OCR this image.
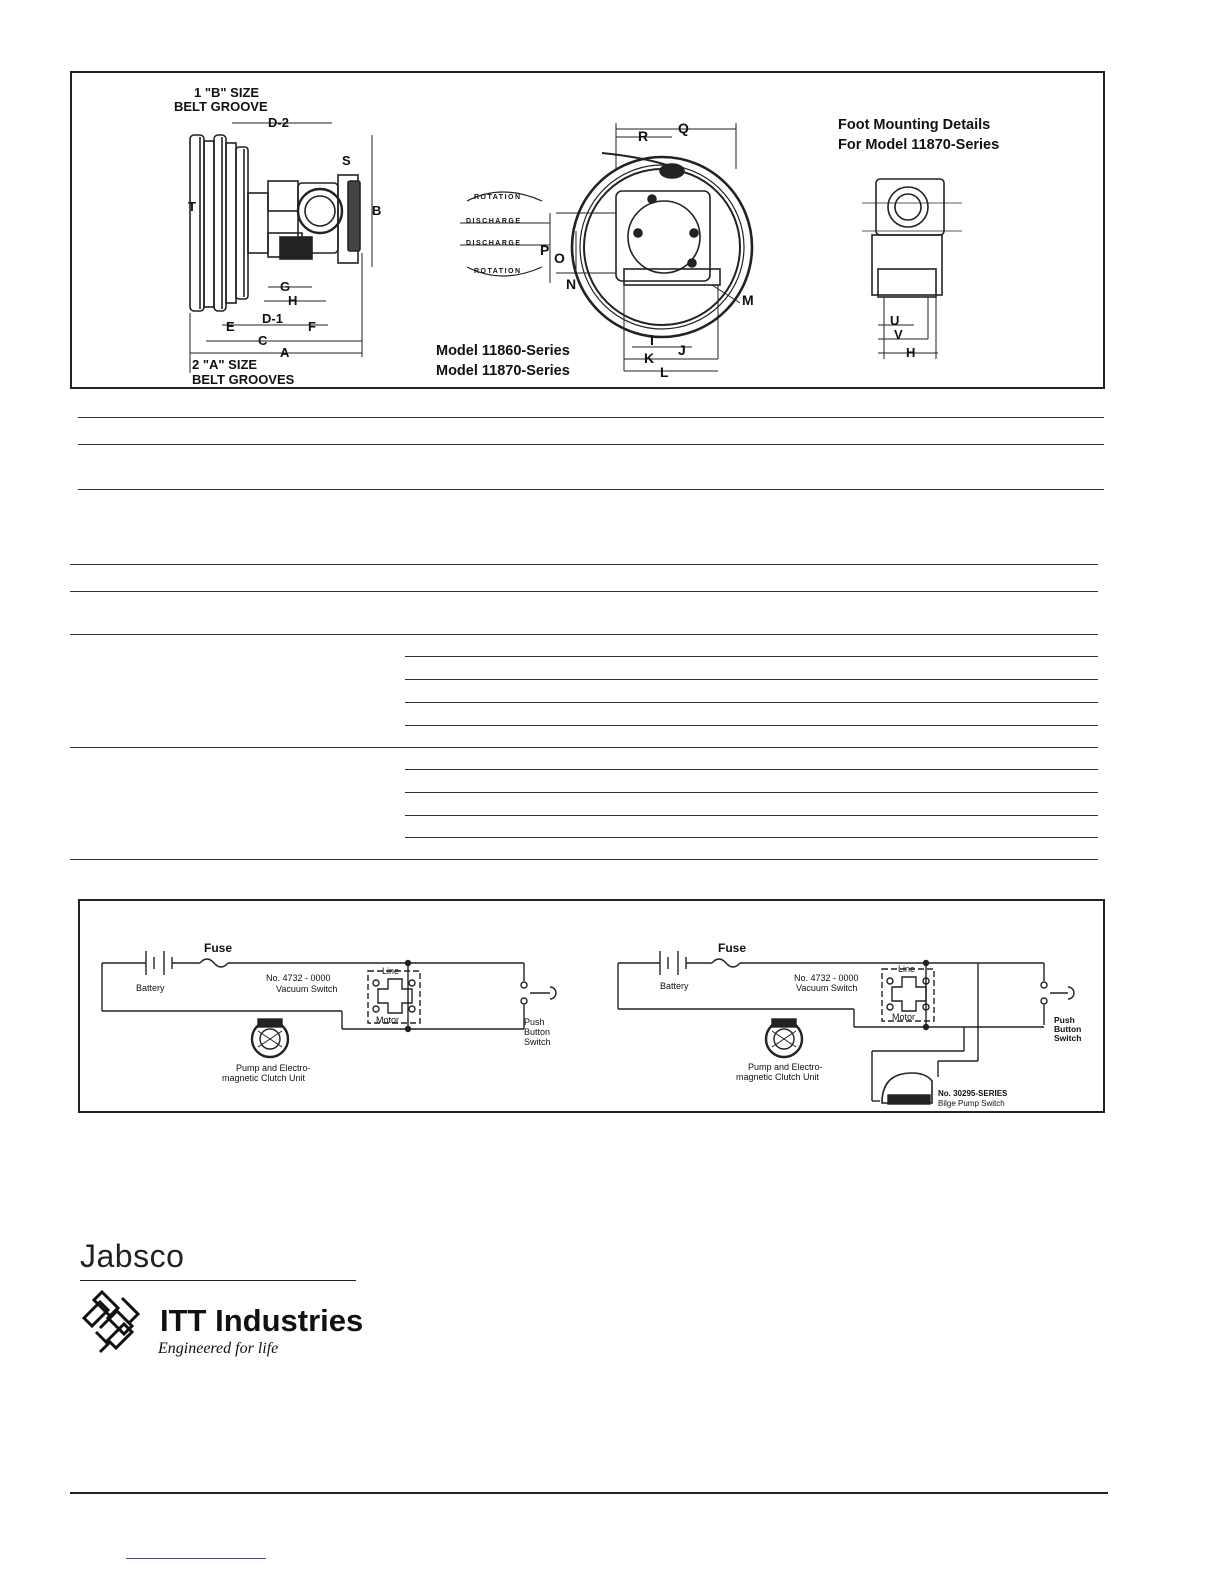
1 "B" SIZE
BELT GROOVE
2 "A" SIZE
BELT GROOVES
D-2
S
T	B
G
H
D-1
E	F
C
A
ROTATION
DISCHARGE
DISCHARGE
ROTATION
R Q
P O
N
M
I
J
K
L
Model 11860-Series
Model 11870-Series
Foot Mounting Details
For Model 11870-Series
U
V
H
Fuse
Battery
No. 4732 - 0000
Vacuum Switch
Line
Motor	Push
Button
Switch
Pump and Electro-
magnetic Clutch Unit
Fuse
Battery
No. 4732 - 0000
Vacuum Switch
Line
Motor	Push
Button
Switch
Pump and Electro-
magnetic Clutch Unit
No. 30295-SERIES
Bilge Pump Switch
Jabsco
ITT Industries
Engineered for life
